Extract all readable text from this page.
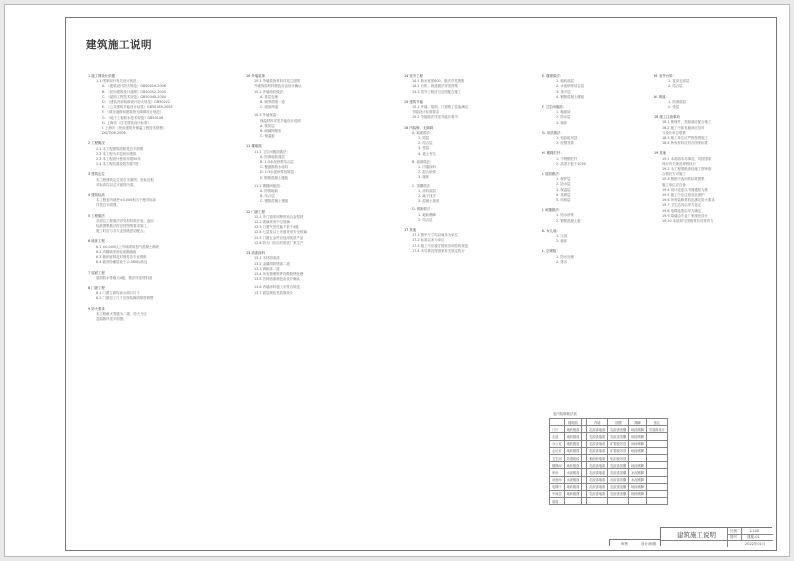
建筑施工说明
1 施工图设计依据
1.1 国家现行有关设计规范：
A. 《建筑设计防火规范》GB50016-2006
B. 《民用建筑设计通则》GB50352-2005
C. 《屋面工程技术规范》GB50345-2004
D. 《建筑内部装修设计防火规范》GB50222
E. 《公共建筑节能设计标准》GB50189-2005
F. 《城市道路和建筑物无障碍设计规范》
G. 《地下工程防水技术规范》GB50108
H. 上海市《住宅建筑设计标准》
I. 上海市《民用建筑外保温工程技术规程》
DG/TJ08-2006
2 工程概况
2.1 本工程建筑面积见总平面图
2.2 本工程为多层民用建筑
2.3 本工程设计使用年限50年
2.4 本工程抗震设防烈度7度
3 建筑定位
本工程建筑定位见总平面图，坐标及相
对标高均以总平面图为准。
4 建筑标高
本工程室内地坪±0.000相当于绝对标高
详见总平面图。
5 工程做法
各部位工程做法详见材料做法表，选用
标准图集做法时应按图集要求施工，
施工时应与各专业图纸密切配合。
6 墙体工程
6.1 ±0.000以上外墙采用加气混凝土砌块
6.2 内隔墙采用轻质隔墙板
6.3 墙体留洞及封堵见各专业图纸
6.4 墙身防潮层设于-0.060标高处
7 屋面工程
屋面防水等级为II级，做法详见材料表
8 门窗工程
8.1 门窗立面均表示洞口尺寸
8.2 门窗加工尺寸应按装修面厚度调整
9 防火要求
本工程耐火等级为二级，防火分区
及疏散详见平面图。
10 外墙装饰
10.1 外墙装饰材料详见立面图
外墙饰面材料颜色应由设计确认
10.2 外墙涂料做法：
A. 基层处理
B. 刷界面剂一道
C. 面涂两道
10.3 外墙保温：
保温材料详见节能设计说明
A. 抹灰层
B. 耐碱网格布
C. 保温板
11 楼地面
11.1 卫生间楼面做法：
A. 防滑地砖面层
B. 1:3水泥砂浆结合层
C. 聚氨酯防水涂料
D. 1:3水泥砂浆找坡层
E. 钢筋混凝土楼板
11.2 楼梯间地面：
A. 防滑地砖
B. 结合层
C. 钢筋混凝土楼板
12 门窗工程
12.1 外门窗采用断热铝合金型材
12.2 玻璃采用中空玻璃
12.3 门窗气密性能不低于4级
12.4 七层及以上外窗采用安全玻璃
12.5 门窗五金件应选用优质产品
12.6 防火门应由有资质厂家生产
13 油漆涂料
13.1 木材面油漆
13.2 金属面防锈漆二道
13.3 调和漆二道
13.4 所有预埋铁件均做防锈处理
13.5 各种油漆颜色由设计确认
13.6 内墙涂料施工应符合规范
13.7 面层颜色见装修设计
14 室外工程
14.1 散水宽度600，做法详见图集
14.2 台阶、坡道做法详见图集
14.3 室外工程应与总图配合施工
15 建筑节能
15.1 外墙、屋面、门窗热工性能满足
节能设计标准要求
15.2 节能做法详见节能计算书
16 内装修、无障碍
A. 地面做法：
1. 面层
2. 结合层
3. 垫层
4. 素土夯实
B. 墙面做法：
1. 内墙涂料
2. 混合砂浆
3. 墙体
C. 顶棚做法：
1. 涂料面层
2. 腻子找平
3. 混凝土板底
D. 踢脚做法：
1. 地砖踢脚
2. 结合层
17 其他
17.1 图中尺寸均以毫米为单位
17.2 标高以米为单位
17.3 施工中应遵守国家各项验收规范
17.4 未尽事宜按国家有关规定执行
E. 楼面做法：
1. 地砖面层
2. 水泥砂浆结合层
3. 找平层
4. 钢筋混凝土楼板
F. 卫生间墙面：
1. 釉面砖
2. 防水层
3. 墙体
G. 吊顶做法：
1. 铝扣板吊顶
2. 轻钢龙骨
H. 楼梯栏杆：
1. 不锈钢栏杆
2. 高度不低于1050
I. 屋面做法：
1. 保护层
2. 防水层
3. 保温层
4. 找坡层
5. 结构层
J. 雨篷做法：
1. 防水砂浆
2. 钢筋混凝土板
K. 女儿墙：
1. 压顶
2. 墙体
L. 空调板：
1. 防水处理
2. 排水
M. 室外台阶：
1. 花岗石面层
2. 结合层
N. 坡道：
1. 防滑面层
2. 垫层
18 施工注意事项
18.1 预埋件、预留洞应配合施工
18.2 施工中如有疑问应及时
与设计单位联系
18.3 施工单位应严格按图施工
18.4 所有材料应符合国家标准
19 其他
19.1 本说明未尽事宜，均按国家
现行有关规范规程执行
19.2 本工程图纸须经施工图审查
合格后方可施工
19.3 图纸中选用的标准图集
施工单位应自备
19.4 设计变更以书面通知为准
19.5 施工中应注意成品保护
19.6 所有装修材料应满足防火要求
19.7 卫生洁具由甲方选定
19.8 电梯选型由甲方确定
19.9 幕墙由专业厂家深化设计
19.10 本说明与图纸具有同等效力
室内装修做法表
	楼地面		内墙	顶棚	踢脚	备注
门厅	地砖楼面		乳胶漆墙面	乳胶漆顶棚	地砖踢脚	见装修设计
走道	地砖楼面		乳胶漆墙面	乳胶漆顶棚	地砖踢脚	
办公室	地砖楼面		乳胶漆墙面	矿棉板吊顶	地砖踢脚	
会议室	地砖楼面		乳胶漆墙面	矿棉板吊顶	地砖踢脚	
卫生间	防滑地砖		釉面砖墙面	铝扣板吊顶		
楼梯间	地砖楼面		乳胶漆墙面	乳胶漆顶棚	地砖踢脚	
库房	水泥楼面		乳胶漆墙面	乳胶漆顶棚	水泥踢脚	
设备间	水泥楼面		乳胶漆墙面	乳胶漆顶棚	水泥踢脚	
电梯厅	地砖楼面		乳胶漆墙面	乳胶漆顶棚	地砖踢脚	
中间层	地砖楼面		乳胶漆墙面	乳胶漆顶棚	地砖踢脚	
屋面						
建筑施工说明	比例	1:100
图号	建施-01
2022年01月
审核	设计/制图
